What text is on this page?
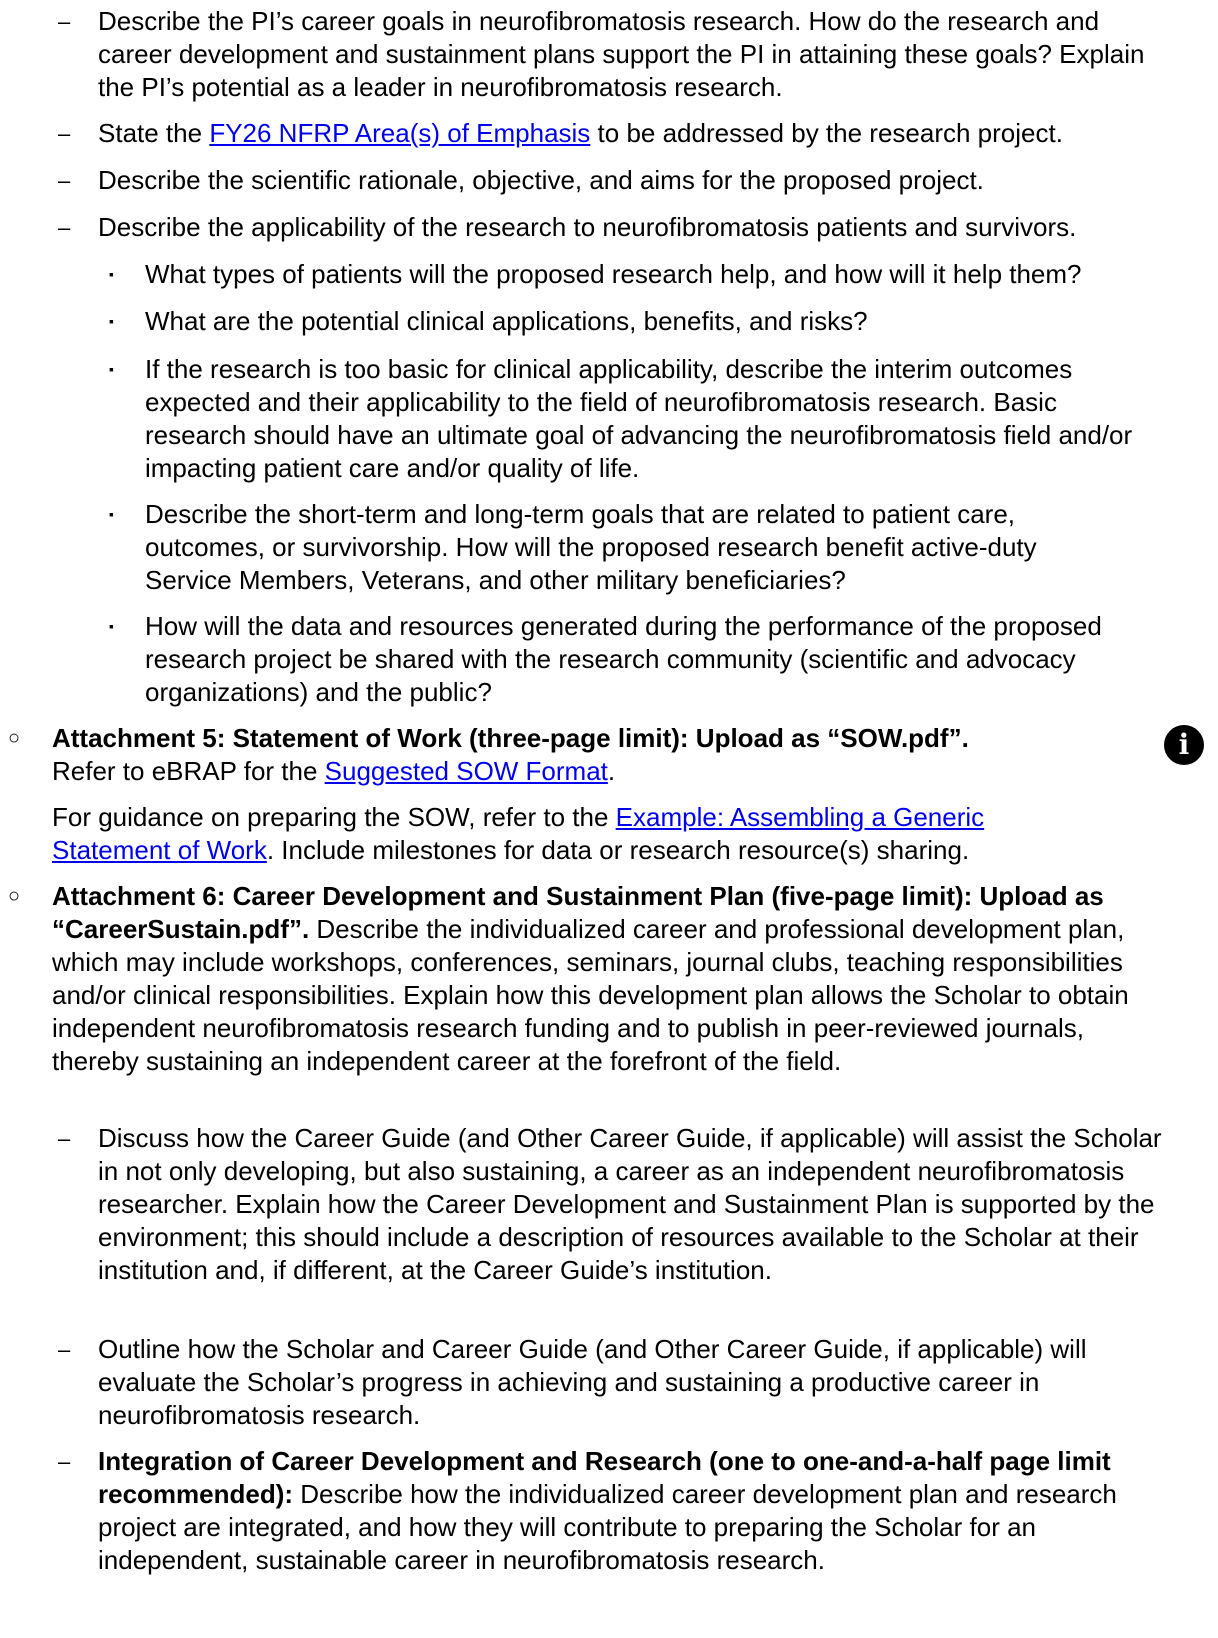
– Describe the PI’s career goals in neurofibromatosis research. How do the research and career development and sustainment plans support the PI in attaining these goals? Explain the PI’s potential as a leader in neurofibromatosis research.
– State the FY26 NFRP Area(s) of Emphasis to be addressed by the research project.
– Describe the scientific rationale, objective, and aims for the proposed project.
– Describe the applicability of the research to neurofibromatosis patients and survivors.
▪ What types of patients will the proposed research help, and how will it help them?
▪ What are the potential clinical applications, benefits, and risks?
▪ If the research is too basic for clinical applicability, describe the interim outcomes expected and their applicability to the field of neurofibromatosis research. Basic research should have an ultimate goal of advancing the neurofibromatosis field and/or impacting patient care and/or quality of life.
▪ Describe the short-term and long-term goals that are related to patient care, outcomes, or survivorship. How will the proposed research benefit active-duty Service Members, Veterans, and other military beneficiaries?
▪ How will the data and resources generated during the performance of the proposed research project be shared with the research community (scientific and advocacy organizations) and the public?
○ Attachment 5: Statement of Work (three-page limit): Upload as “SOW.pdf”.
Refer to eBRAP for the Suggested SOW Format.
i
For guidance on preparing the SOW, refer to the Example: Assembling a Generic Statement of Work. Include milestones for data or research resource(s) sharing.
○ Attachment 6: Career Development and Sustainment Plan (five-page limit): Upload as “CareerSustain.pdf”. Describe the individualized career and professional development plan, which may include workshops, conferences, seminars, journal clubs, teaching responsibilities and/or clinical responsibilities. Explain how this development plan allows the Scholar to obtain independent neurofibromatosis research funding and to publish in peer-reviewed journals, thereby sustaining an independent career at the forefront of the field.
– Discuss how the Career Guide (and Other Career Guide, if applicable) will assist the Scholar in not only developing, but also sustaining, a career as an independent neurofibromatosis researcher. Explain how the Career Development and Sustainment Plan is supported by the environment; this should include a description of resources available to the Scholar at their institution and, if different, at the Career Guide’s institution.
– Outline how the Scholar and Career Guide (and Other Career Guide, if applicable) will evaluate the Scholar’s progress in achieving and sustaining a productive career in neurofibromatosis research.
– Integration of Career Development and Research (one to one-and-a-half page limit recommended): Describe how the individualized career development plan and research project are integrated, and how they will contribute to preparing the Scholar for an independent, sustainable career in neurofibromatosis research.
